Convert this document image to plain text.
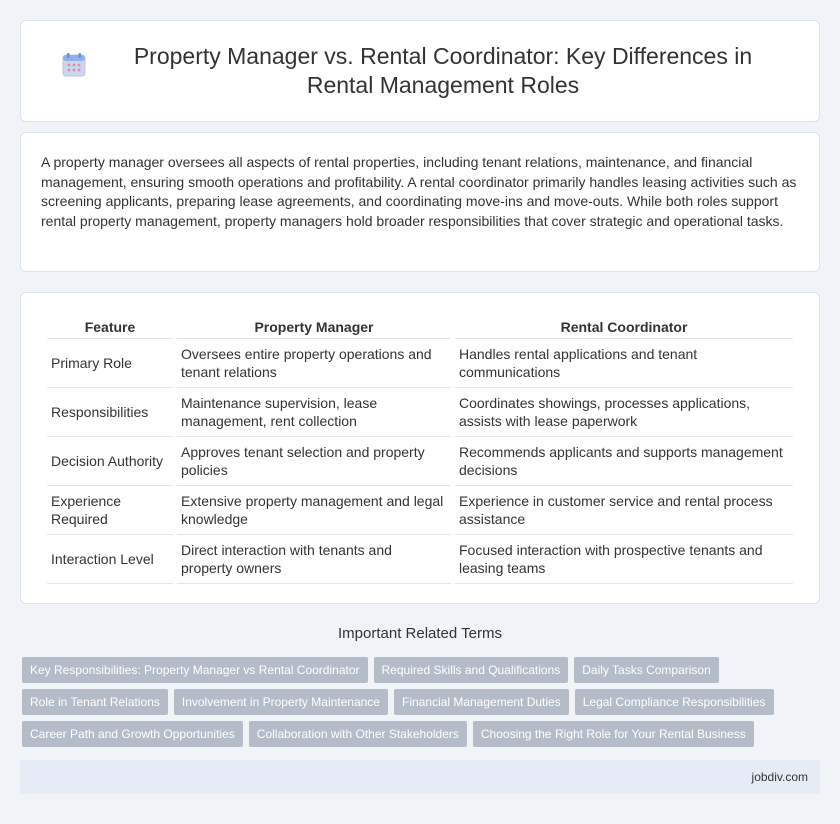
Property Manager vs. Rental Coordinator: Key Differences in Rental Management Roles

A property manager oversees all aspects of rental properties, including tenant relations, maintenance, and financial management, ensuring smooth operations and profitability. A rental coordinator primarily handles leasing activities such as screening applicants, preparing lease agreements, and coordinating move-ins and move-outs. While both roles support rental property management, property managers hold broader responsibilities that cover strategic and operational tasks.

Feature	Property Manager	Rental Coordinator
Primary Role	Oversees entire property operations and tenant relations	Handles rental applications and tenant communications
Responsibilities	Maintenance supervision, lease management, rent collection	Coordinates showings, processes applications, assists with lease paperwork
Decision Authority	Approves tenant selection and property policies	Recommends applicants and supports management decisions
Experience Required	Extensive property management and legal knowledge	Experience in customer service and rental process assistance
Interaction Level	Direct interaction with tenants and property owners	Focused interaction with prospective tenants and leasing teams
Important Related Terms
Key Responsibilities: Property Manager vs Rental Coordinator	Required Skills and Qualifications	Daily Tasks Comparison
Role in Tenant Relations	Involvement in Property Maintenance	Financial Management Duties	Legal Compliance Responsibilities
Career Path and Growth Opportunities	Collaboration with Other Stakeholders	Choosing the Right Role for Your Rental Business
jobdiv.com
